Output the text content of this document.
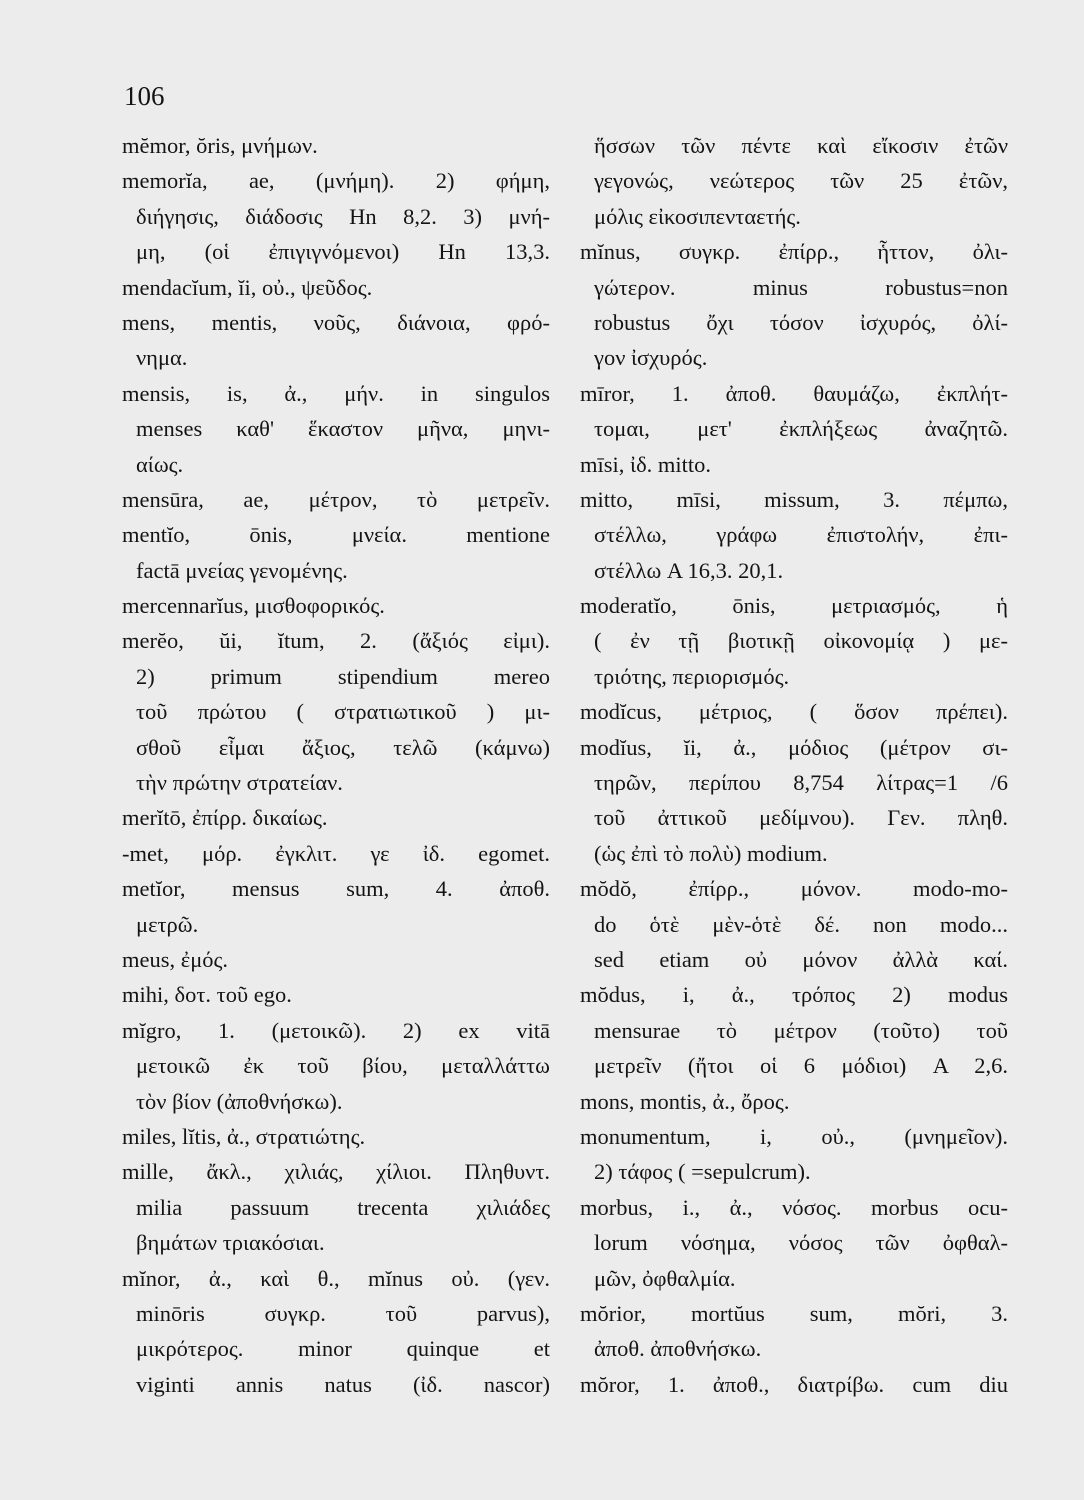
106
mĕmor, ŏris, μνήμων.
memorĭa, ae, (μνήμη). 2) φήμη,
διήγησις, διάδοσις Hn 8,2. 3) μνή-
μη, (οἱ ἐπιγιγνόμενοι) Hn 13,3.
mendacĭum, ĭi, οὐ., ψεῦδος.
mens, mentis, νοῦς, διάνοια, φρό-
νημα.
mensis, is, ἀ., μήν. in singulos
menses καθ' ἕκαστον μῆνα, μηνι-
αίως.
mensūra, ae, μέτρον, τὸ μετρεῖν.
mentĭo, ōnis, μνεία. mentione
factā μνείας γενομένης.
mercennarĭus, μισθοφορικός.
merĕo, ŭi, ĭtum, 2. (ἄξιός εἰμι).
2) primum stipendium mereo
τοῦ πρώτου ( στρατιωτικοῦ ) μι-
σθοῦ εἶμαι ἄξιος, τελῶ (κάμνω)
τὴν πρώτην στρατείαν.
merĭtō, ἐπίρρ. δικαίως.
-met, μόρ. ἐγκλιτ. γε ἰδ. egomet.
metĭor, mensus sum, 4. ἀποθ.
μετρῶ.
meus, ἐμός.
mihi, δοτ. τοῦ ego.
mĭgro, 1. (μετοικῶ). 2) ex vitā
μετοικῶ ἐκ τοῦ βίου, μεταλλάττω
τὸν βίον (ἀποθνήσκω).
miles, lĭtis, ἀ., στρατιώτης.
mille, ἄκλ., χιλιάς, χίλιοι. Πληθυντ.
milia passuum trecenta χιλιάδες
βημάτων τριακόσιαι.
mĭnor, ἀ., καὶ θ., mĭnus οὐ. (γεν.
minōris συγκρ. τοῦ parvus),
μικρότερος. minor quinque et
viginti annis natus (ἰδ. nascor)
ἥσσων τῶν πέντε καὶ εἴκοσιν ἐτῶν
γεγονώς, νεώτερος τῶν 25 ἐτῶν,
μόλις εἰκοσιπενταετής.
mĭnus, συγκρ. ἐπίρρ., ἧττον, ὀλι-
γώτερον. minus robustus=non
robustus ὄχι τόσον ἰσχυρός, ὀλί-
γον ἰσχυρός.
mīror, 1. ἀποθ. θαυμάζω, ἐκπλήτ-
τομαι, μετ' ἐκπλήξεως ἀναζητῶ.
mīsi, ἰδ. mitto.
mitto, mīsi, missum, 3. πέμπω,
στέλλω, γράφω ἐπιστολήν, ἐπι-
στέλλω A 16,3. 20,1.
moderatĭo, ōnis, μετριασμός, ἡ
( ἐν τῇ βιοτικῇ οἰκονομίᾳ ) με-
τριότης, περιορισμός.
modĭcus, μέτριος, ( ὅσον πρέπει).
modĭus, ĭi, ἀ., μόδιος (μέτρον σι-
τηρῶν, περίπου 8,754 λίτρας=1 /6
τοῦ ἀττικοῦ μεδίμνου). Γεν. πληθ.
(ὡς ἐπὶ τὸ πολὺ) modium.
mŏdŏ, ἐπίρρ., μόνον. modo-mo-
do ὁτὲ μὲν-ὁτὲ δέ. non modo...
sed etiam οὐ μόνον ἀλλὰ καί.
mŏdus, i, ἀ., τρόπος 2) modus
mensurae τὸ μέτρον (τοῦτο) τοῦ
μετρεῖν (ἤτοι οἱ 6 μόδιοι) A 2,6.
mons, montis, ἀ., ὄρος.
monumentum, i, οὐ., (μνημεῖον).
2) τάφος ( =sepulcrum).
morbus, i., ἀ., νόσος. morbus ocu-
lorum νόσημα, νόσος τῶν ὀφθαλ-
μῶν, ὀφθαλμία.
mŏrior, mortŭus sum, mŏri, 3.
ἀποθ. ἀποθνήσκω.
mŏror, 1. ἀποθ., διατρίβω. cum diu
